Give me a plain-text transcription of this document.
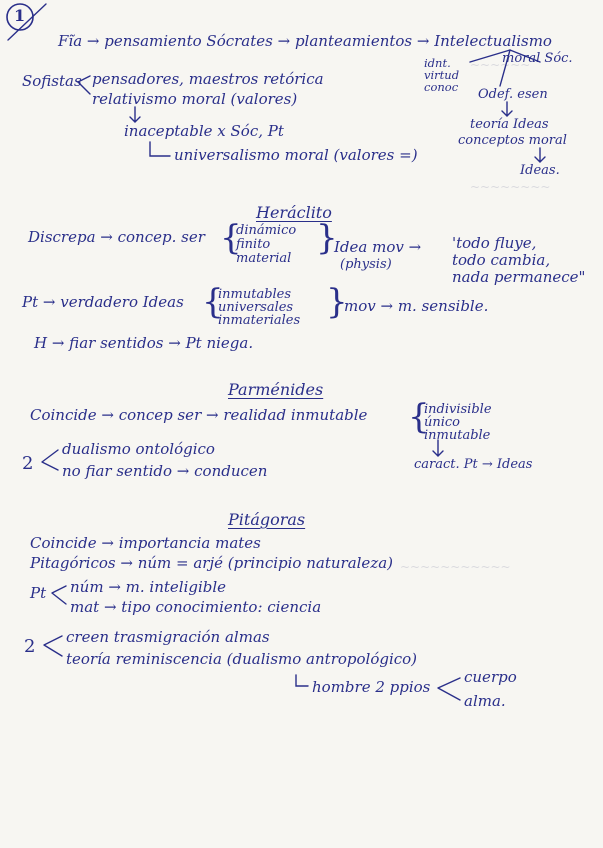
~~~~~~
~~~~~~~~
~~~~~~~~~~~
1
Fı̃a → pensamiento Sócrates → planteamientos → Intelectualismo
moral Sóc.
idnt.
virtud
conoc Odef. esen
teoría Ideas
conceptos moral
Ideas.
Sofistas pensadores, maestros retórica
relativismo moral (valores)
inaceptable x Sóc, Pt
universalismo moral (valores =)
Heráclito
Discrepa → concep. ser {
dinámico
finito
material
}
Idea mov →
(physis)
'todo fluye,
todo cambia,
nada permanece"
Pt → verdadero Ideas {
inmutables
universales
inmateriales }
mov → m. sensible.
H → fiar sentidos → Pt niega.
Parménides
Coincide → concep ser → realidad inmutable {
indivisible
único
inmutable
2
dualismo ontológico
no fiar sentido → conducen	caract. Pt → Ideas
Pitágoras
Coincide → importancia mates
Pitagóricos → núm = arjé (principio naturaleza)
Pt núm → m. inteligible
mat → tipo conocimiento: ciencia
2 creen trasmigración almas
teoría reminiscencia (dualismo antropológico)
hombre 2 ppios
cuerpo
alma.
